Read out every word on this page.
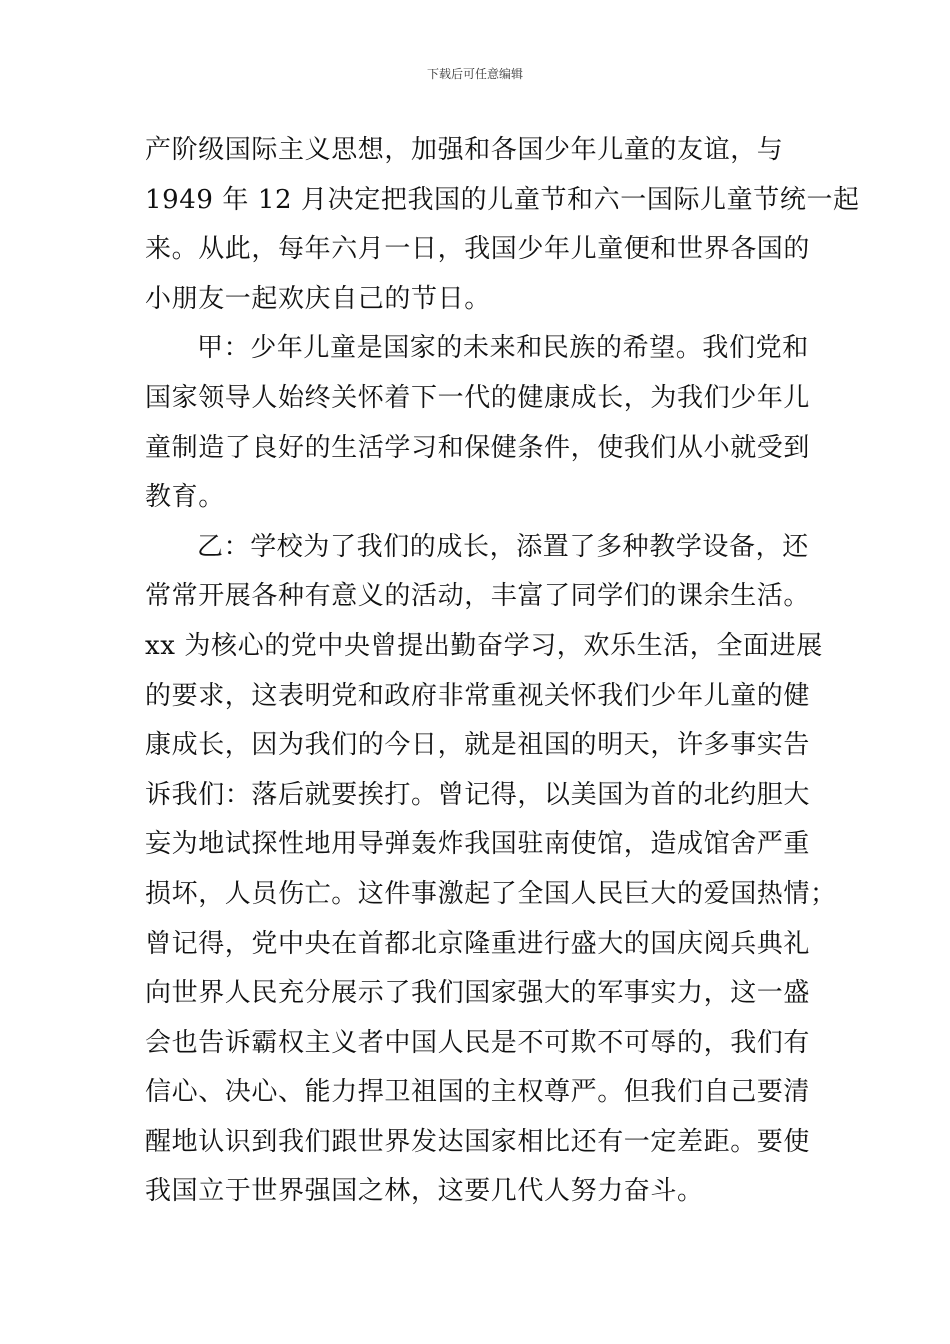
下载后可任意编辑
产阶级国际主义思想，加强和各国少年儿童的友谊，与
1949 年 12 月决定把我国的儿童节和六一国际儿童节统一起
来。从此，每年六月一日，我国少年儿童便和世界各国的
小朋友一起欢庆自己的节日。
甲：少年儿童是国家的未来和民族的希望。我们党和
国家领导人始终关怀着下一代的健康成长，为我们少年儿
童制造了良好的生活学习和保健条件，使我们从小就受到
教育。
乙：学校为了我们的成长，添置了多种教学设备，还
常常开展各种有意义的活动，丰富了同学们的课余生活。
xx 为核心的党中央曾提出勤奋学习，欢乐生活，全面进展
的要求，这表明党和政府非常重视关怀我们少年儿童的健
康成长，因为我们的今日，就是祖国的明天，许多事实告
诉我们：落后就要挨打。曾记得，以美国为首的北约胆大
妄为地试探性地用导弹轰炸我国驻南使馆，造成馆舍严重
损坏，人员伤亡。这件事激起了全国人民巨大的爱国热情；
曾记得，党中央在首都北京隆重进行盛大的国庆阅兵典礼
向世界人民充分展示了我们国家强大的军事实力，这一盛
会也告诉霸权主义者中国人民是不可欺不可辱的，我们有
信心、决心、能力捍卫祖国的主权尊严。但我们自己要清
醒地认识到我们跟世界发达国家相比还有一定差距。要使
我国立于世界强国之林，这要几代人努力奋斗。
